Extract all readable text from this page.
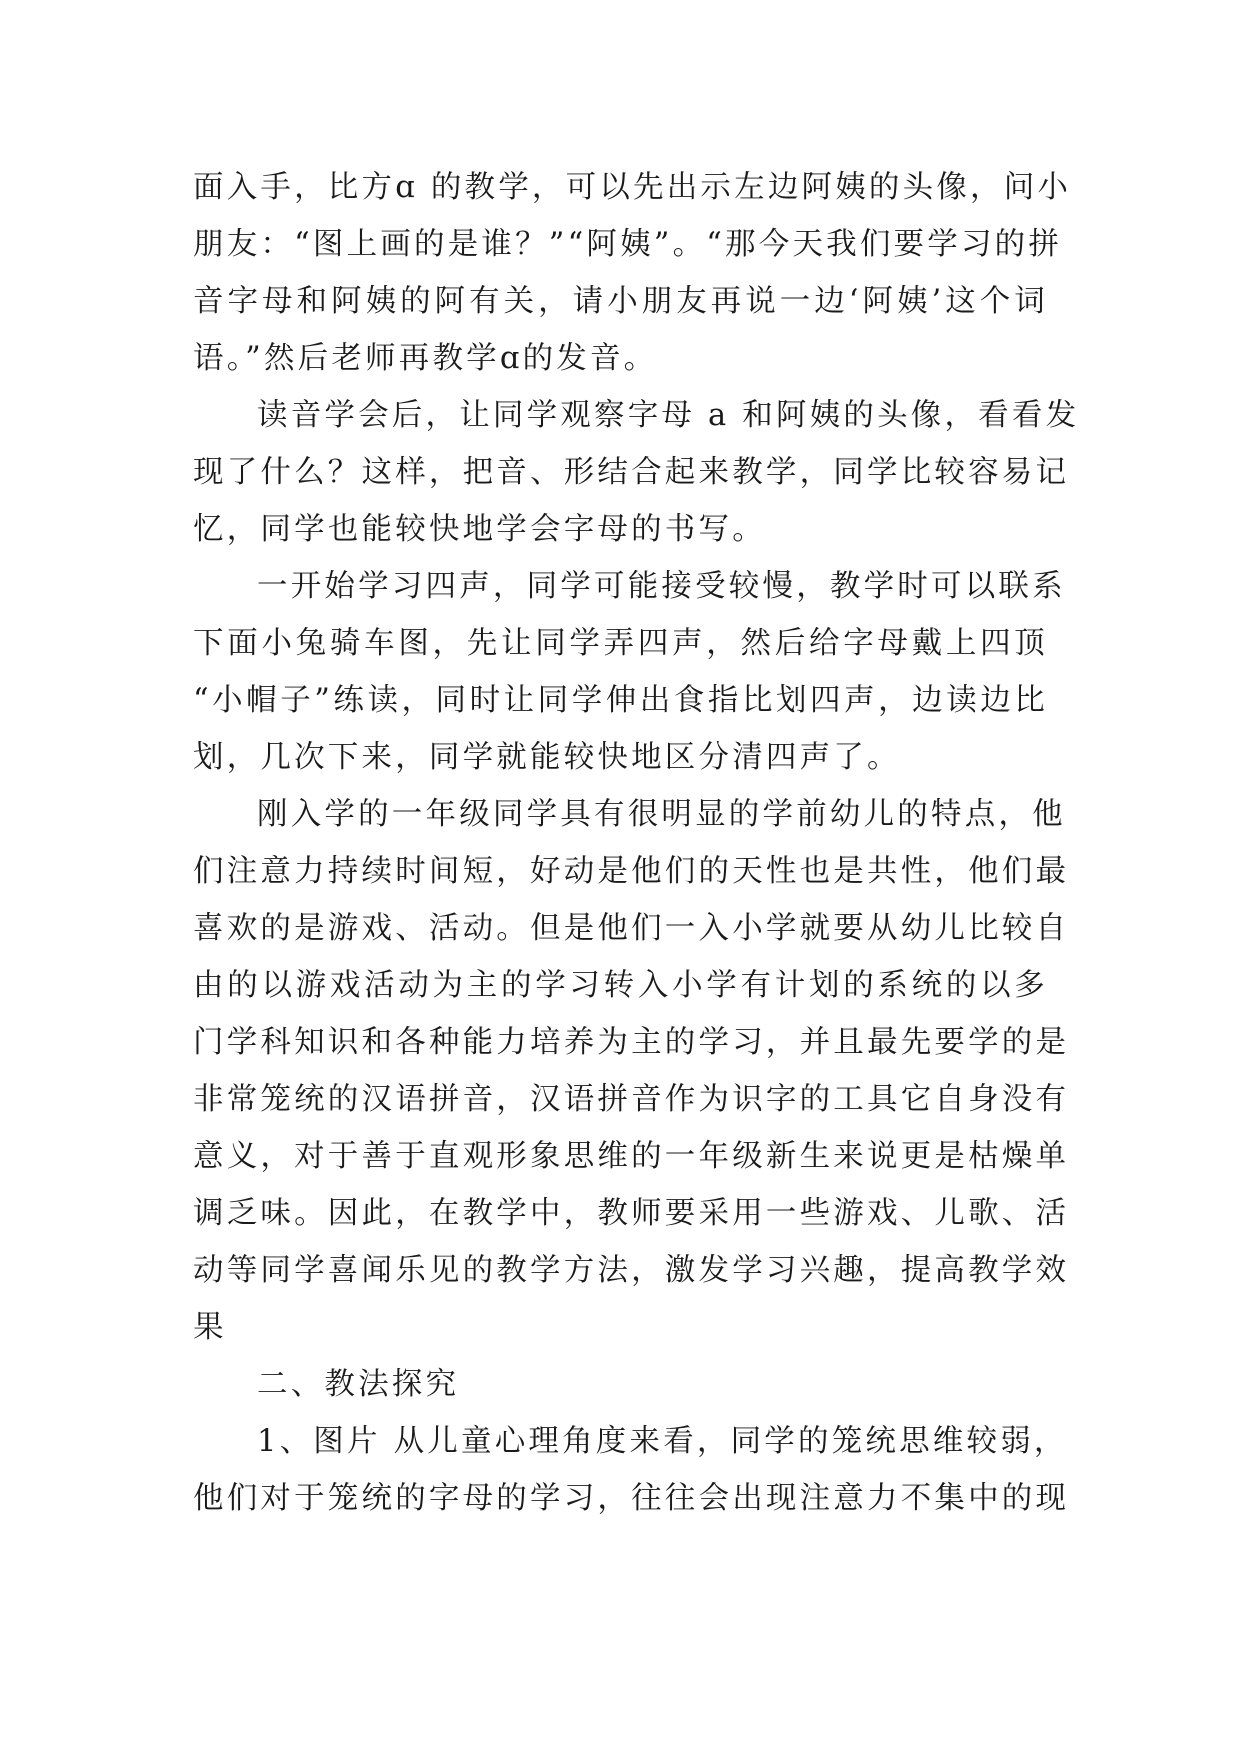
面入手，比方ɑ 的教学，可以先出示左边阿姨的头像，问小
朋友：“图上画的是谁？”“阿姨”。“那今天我们要学习的拼
音字母和阿姨的阿有关，请小朋友再说一边‘阿姨’这个词
语。”然后老师再教学ɑ的发音。
读音学会后，让同学观察字母 a 和阿姨的头像，看看发
现了什么？这样，把音、形结合起来教学，同学比较容易记
忆，同学也能较快地学会字母的书写。
一开始学习四声，同学可能接受较慢，教学时可以联系
下面小兔骑车图，先让同学弄四声，然后给字母戴上四顶
“小帽子”练读，同时让同学伸出食指比划四声，边读边比
划，几次下来，同学就能较快地区分清四声了。
刚入学的一年级同学具有很明显的学前幼儿的特点，他
们注意力持续时间短，好动是他们的天性也是共性，他们最
喜欢的是游戏、活动。但是他们一入小学就要从幼儿比较自
由的以游戏活动为主的学习转入小学有计划的系统的以多
门学科知识和各种能力培养为主的学习，并且最先要学的是
非常笼统的汉语拼音，汉语拼音作为识字的工具它自身没有
意义，对于善于直观形象思维的一年级新生来说更是枯燥单
调乏味。因此，在教学中，教师要采用一些游戏、儿歌、活
动等同学喜闻乐见的教学方法，激发学习兴趣，提高教学效
果
二、教法探究
1、图片 从儿童心理角度来看，同学的笼统思维较弱，
他们对于笼统的字母的学习，往往会出现注意力不集中的现
